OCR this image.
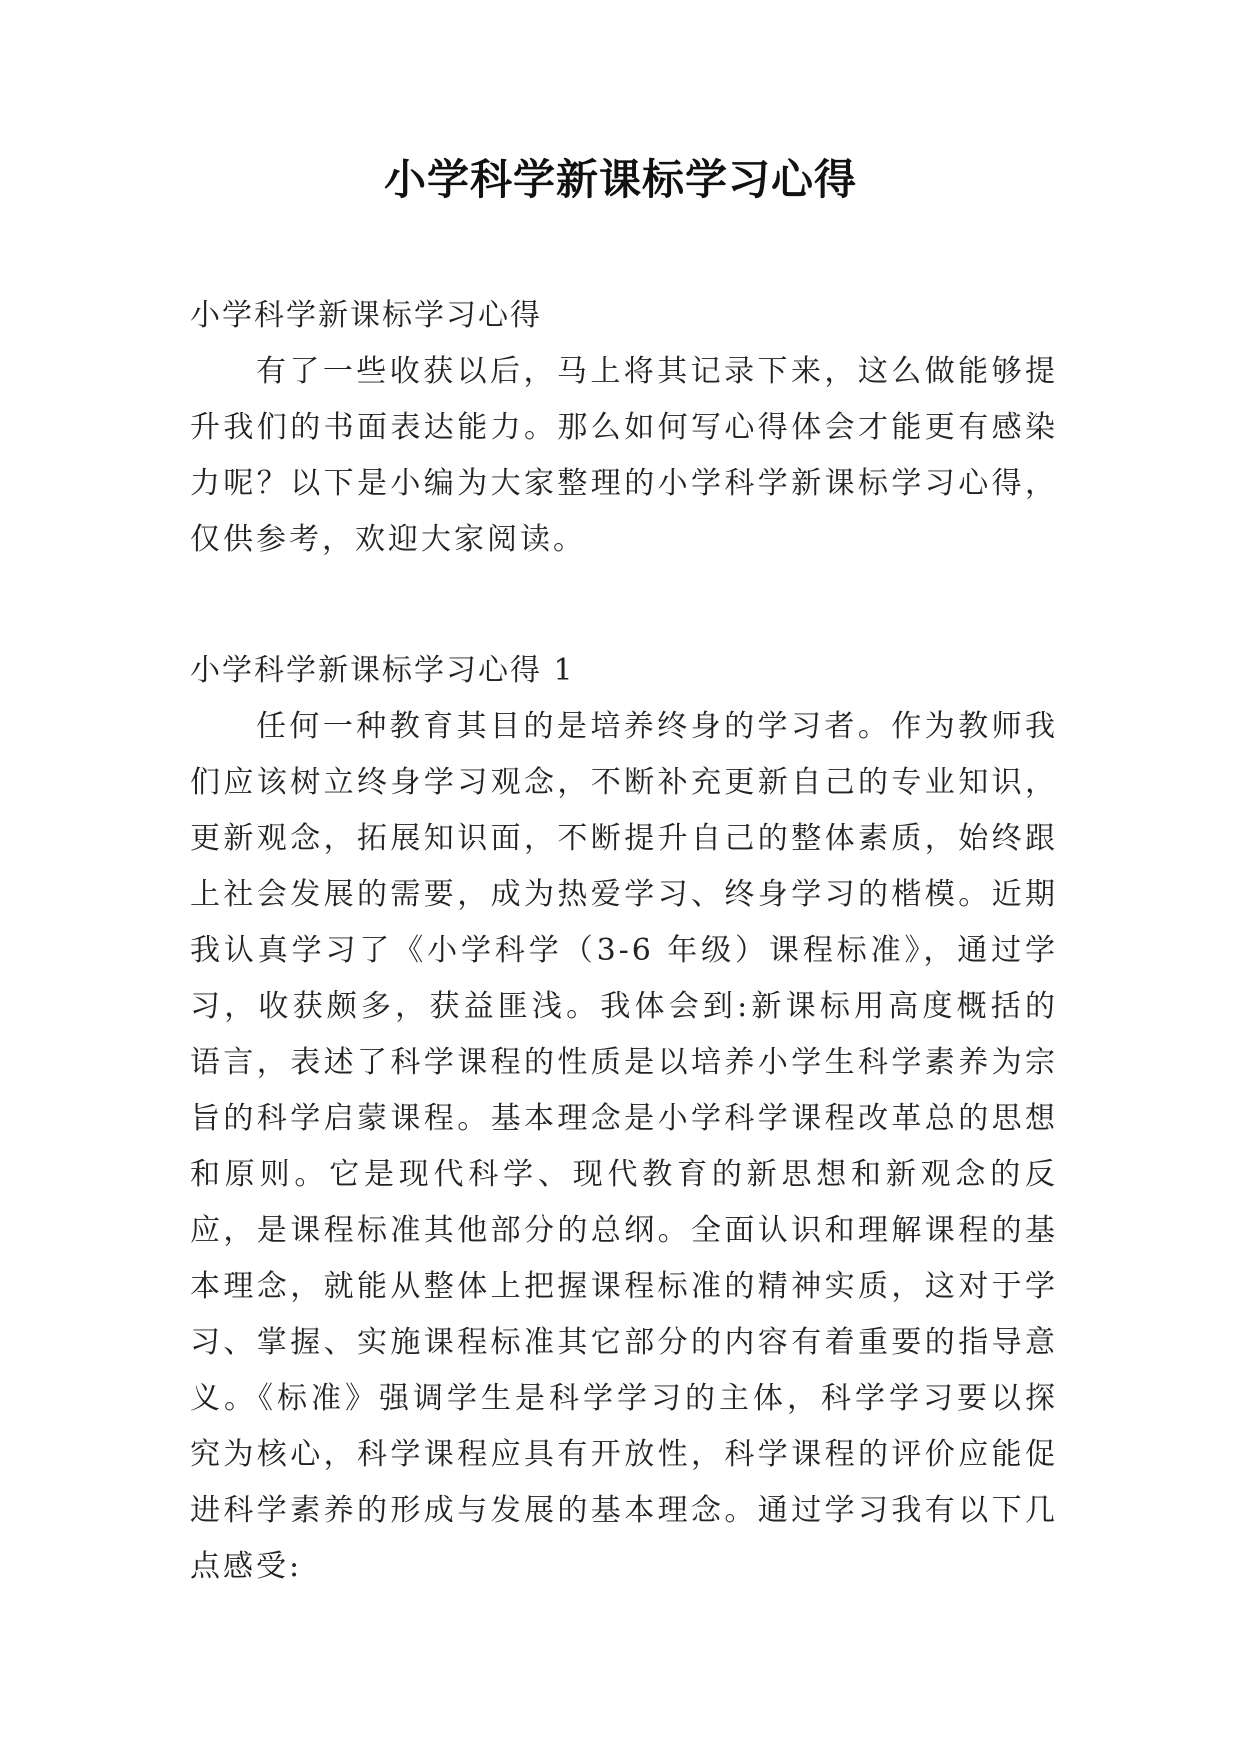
小学科学新课标学习心得

小学科学新课标学习心得

有了一些收获以后，马上将其记录下来，这么做能够提升我们的书面表达能力。那么如何写心得体会才能更有感染力呢？以下是小编为大家整理的小学科学新课标学习心得，仅供参考，欢迎大家阅读。

小学科学新课标学习心得 1

任何一种教育其目的是培养终身的学习者。作为教师我们应该树立终身学习观念，不断补充更新自己的专业知识，更新观念，拓展知识面，不断提升自己的整体素质，始终跟上社会发展的需要，成为热爱学习、终身学习的楷模。近期我认真学习了《小学科学（3-6 年级）课程标准》，通过学习，收获颇多，获益匪浅。我体会到:新课标用高度概括的语言，表述了科学课程的性质是以培养小学生科学素养为宗旨的科学启蒙课程。基本理念是小学科学课程改革总的思想和原则。它是现代科学、现代教育的新思想和新观念的反应，是课程标准其他部分的总纲。全面认识和理解课程的基本理念，就能从整体上把握课程标准的精神实质，这对于学习、掌握、实施课程标准其它部分的内容有着重要的指导意义。《标准》强调学生是科学学习的主体，科学学习要以探究为核心，科学课程应具有开放性，科学课程的评价应能促进科学素养的形成与发展的基本理念。通过学习我有以下几点感受:
